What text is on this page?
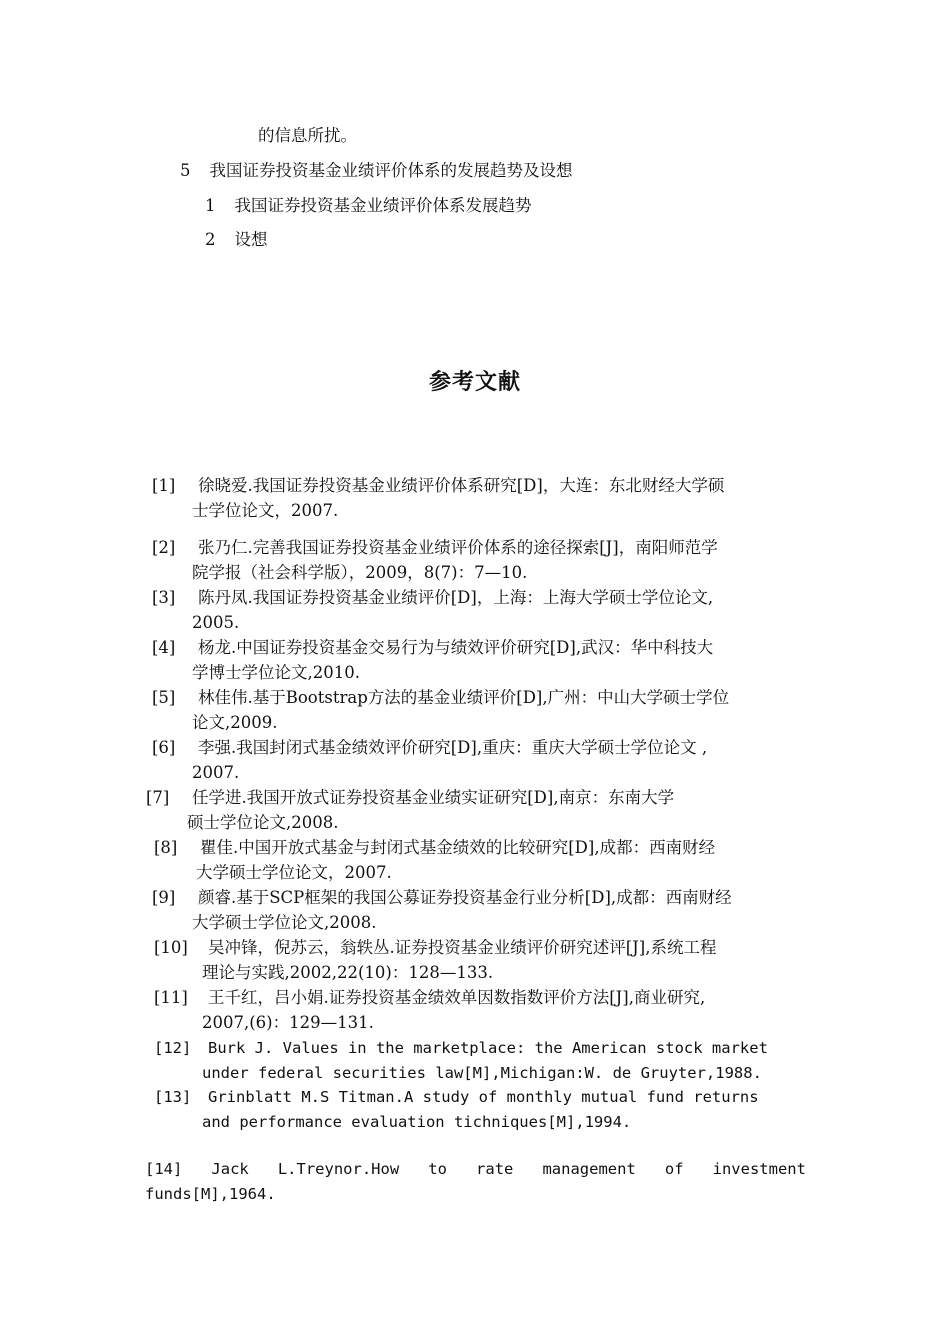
的信息所扰。
5 我国证券投资基金业绩评价体系的发展趋势及设想
1 我国证券投资基金业绩评价体系发展趋势
2 设想
参考文献
[1] 徐晓爱.我国证券投资基金业绩评价体系研究[D]，大连：东北财经大学硕
士学位论文，2007.
[2] 张乃仁.完善我国证券投资基金业绩评价体系的途径探索[J]，南阳师范学
院学报（社会科学版），2009，8(7)：7—10.
[3] 陈丹凤.我国证券投资基金业绩评价[D]，上海：上海大学硕士学位论文,
2005.
[4] 杨龙.中国证券投资基金交易行为与绩效评价研究[D],武汉：华中科技大
学博士学位论文,2010.
[5] 林佳伟.基于Bootstrap方法的基金业绩评价[D],广州：中山大学硕士学位
论文,2009.
[6] 李强.我国封闭式基金绩效评价研究[D],重庆：重庆大学硕士学位论文 ,
2007.
[7] 任学进.我国开放式证券投资基金业绩实证研究[D],南京：东南大学
硕士学位论文,2008.
[8] 瞿佳.中国开放式基金与封闭式基金绩效的比较研究[D],成都：西南财经
大学硕士学位论文，2007.
[9] 颜睿.基于SCP框架的我国公募证券投资基金行业分析[D],成都：西南财经
大学硕士学位论文,2008.
[10] 吴冲锋，倪苏云，翁轶丛.证券投资基金业绩评价研究述评[J],系统工程
理论与实践,2002,22(10)：128—133.
[11] 王千红，吕小娟.证券投资基金绩效单因数指数评价方法[J],商业研究,
2007,(6)：129—131.
[12] Burk J. Values in the marketplace: the American stock market
under federal securities law[M],Michigan:W. de Gruyter,1988.
[13] Grinblatt M.S Titman.A study of monthly mutual fund returns
and performance evaluation tichniques[M],1994.
[14] Jack L.Treynor.How to rate management of investment
funds[M],1964.
